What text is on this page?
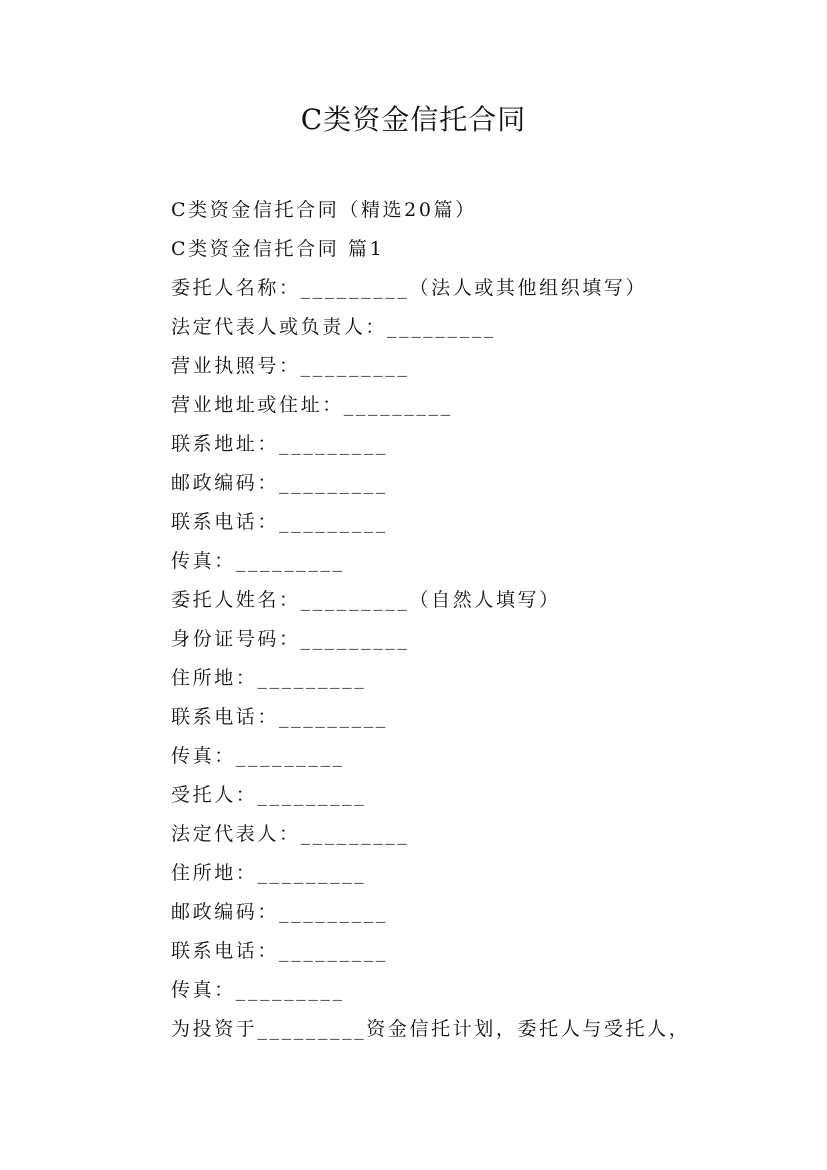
C类资金信托合同
C类资金信托合同（精选20篇）
C类资金信托合同 篇1
委托人名称：_________（法人或其他组织填写）
法定代表人或负责人：_________
营业执照号：_________
营业地址或住址：_________
联系地址：_________
邮政编码：_________
联系电话：_________
传真：_________
委托人姓名：_________（自然人填写）
身份证号码：_________
住所地：_________
联系电话：_________
传真：_________
受托人：_________
法定代表人：_________
住所地：_________
邮政编码：_________
联系电话：_________
传真：_________
为投资于_________资金信托计划，委托人与受托人，
